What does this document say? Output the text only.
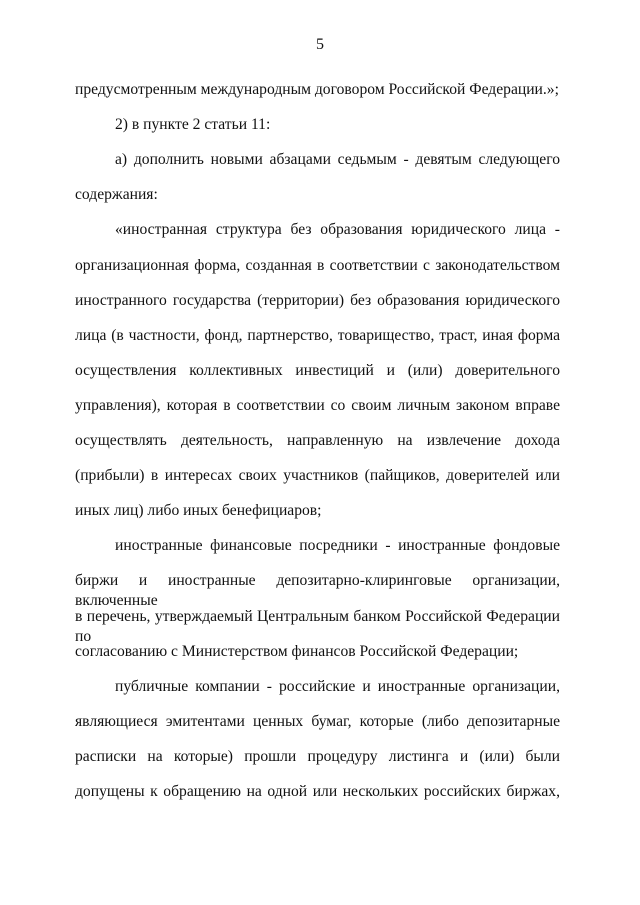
5
предусмотренным международным договором Российской Федерации.»;
2) в пункте 2 статьи 11:
а) дополнить новыми абзацами седьмым - девятым следующего
содержания:
«иностранная структура без образования юридического лица -
организационная форма, созданная в соответствии с законодательством
иностранного государства (территории) без образования юридического
лица (в частности, фонд, партнерство, товарищество, траст, иная форма
осуществления коллективных инвестиций и (или) доверительного
управления), которая в соответствии со своим личным законом вправе
осуществлять деятельность, направленную на извлечение дохода
(прибыли) в интересах своих участников (пайщиков, доверителей или
иных лиц) либо иных бенефициаров;
иностранные финансовые посредники - иностранные фондовые
биржи и иностранные депозитарно-клиринговые организации, включенные
в перечень, утверждаемый Центральным банком Российской Федерации по
согласованию с Министерством финансов Российской Федерации;
публичные компании - российские и иностранные организации,
являющиеся эмитентами ценных бумаг, которые (либо депозитарные
расписки на которые) прошли процедуру листинга и (или) были
допущены к обращению на одной или нескольких российских биржах,
